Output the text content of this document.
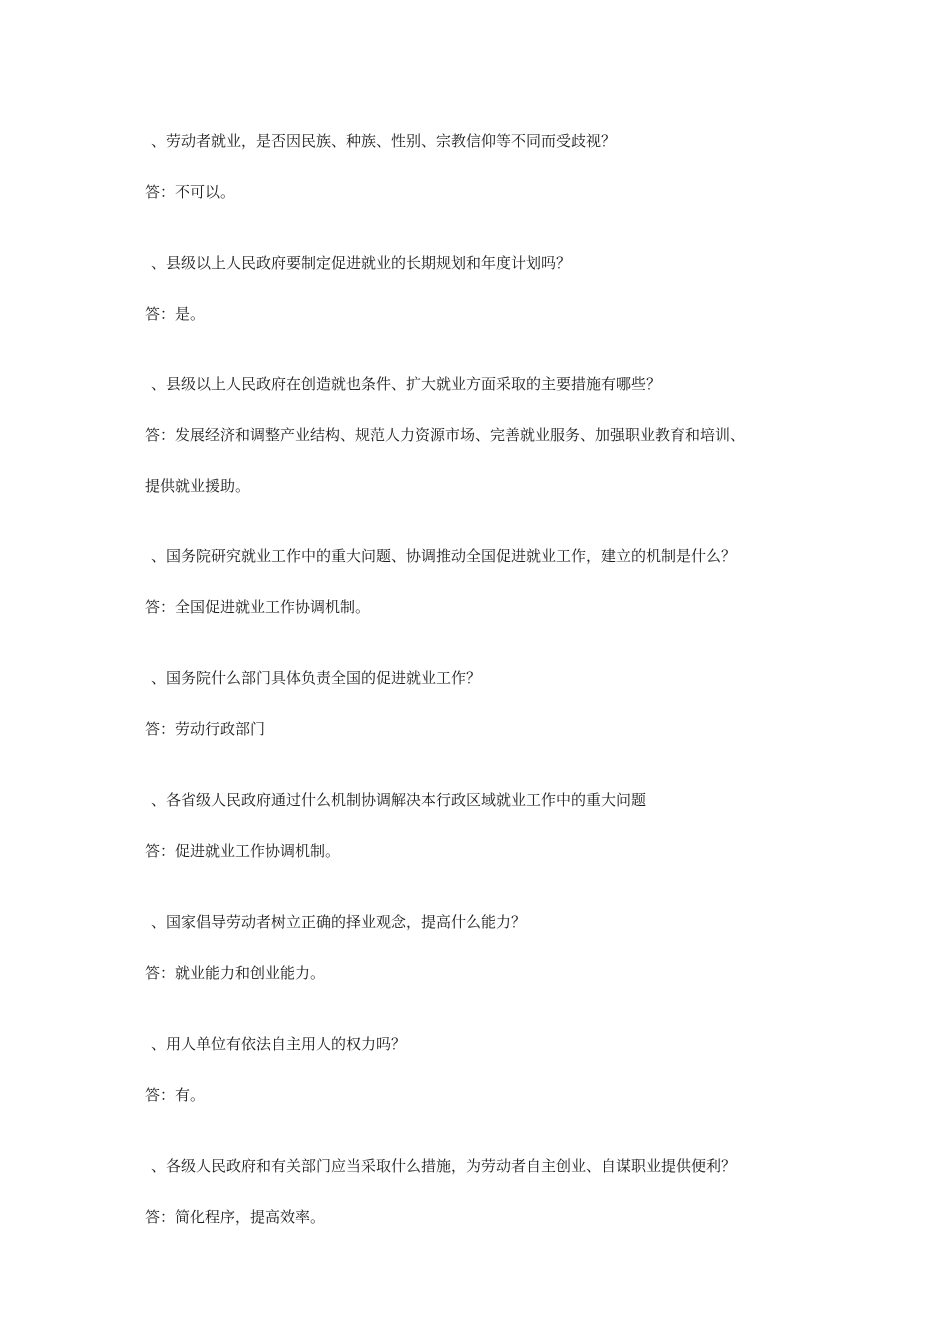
、劳动者就业，是否因民族、种族、性别、宗教信仰等不同而受歧视？
答：不可以。
、县级以上人民政府要制定促进就业的长期规划和年度计划吗？
答：是。
、县级以上人民政府在创造就也条件、扩大就业方面采取的主要措施有哪些？
答：发展经济和调整产业结构、规范人力资源市场、完善就业服务、加强职业教育和培训、
提供就业援助。
、国务院研究就业工作中的重大问题、协调推动全国促进就业工作，建立的机制是什么？
答：全国促进就业工作协调机制。
、国务院什么部门具体负责全国的促进就业工作？
答：劳动行政部门
、各省级人民政府通过什么机制协调解决本行政区域就业工作中的重大问题
答：促进就业工作协调机制。
、国家倡导劳动者树立正确的择业观念，提高什么能力？
答：就业能力和创业能力。
、用人单位有依法自主用人的权力吗？
答：有。
、各级人民政府和有关部门应当采取什么措施，为劳动者自主创业、自谋职业提供便利？
答：简化程序，提高效率。
